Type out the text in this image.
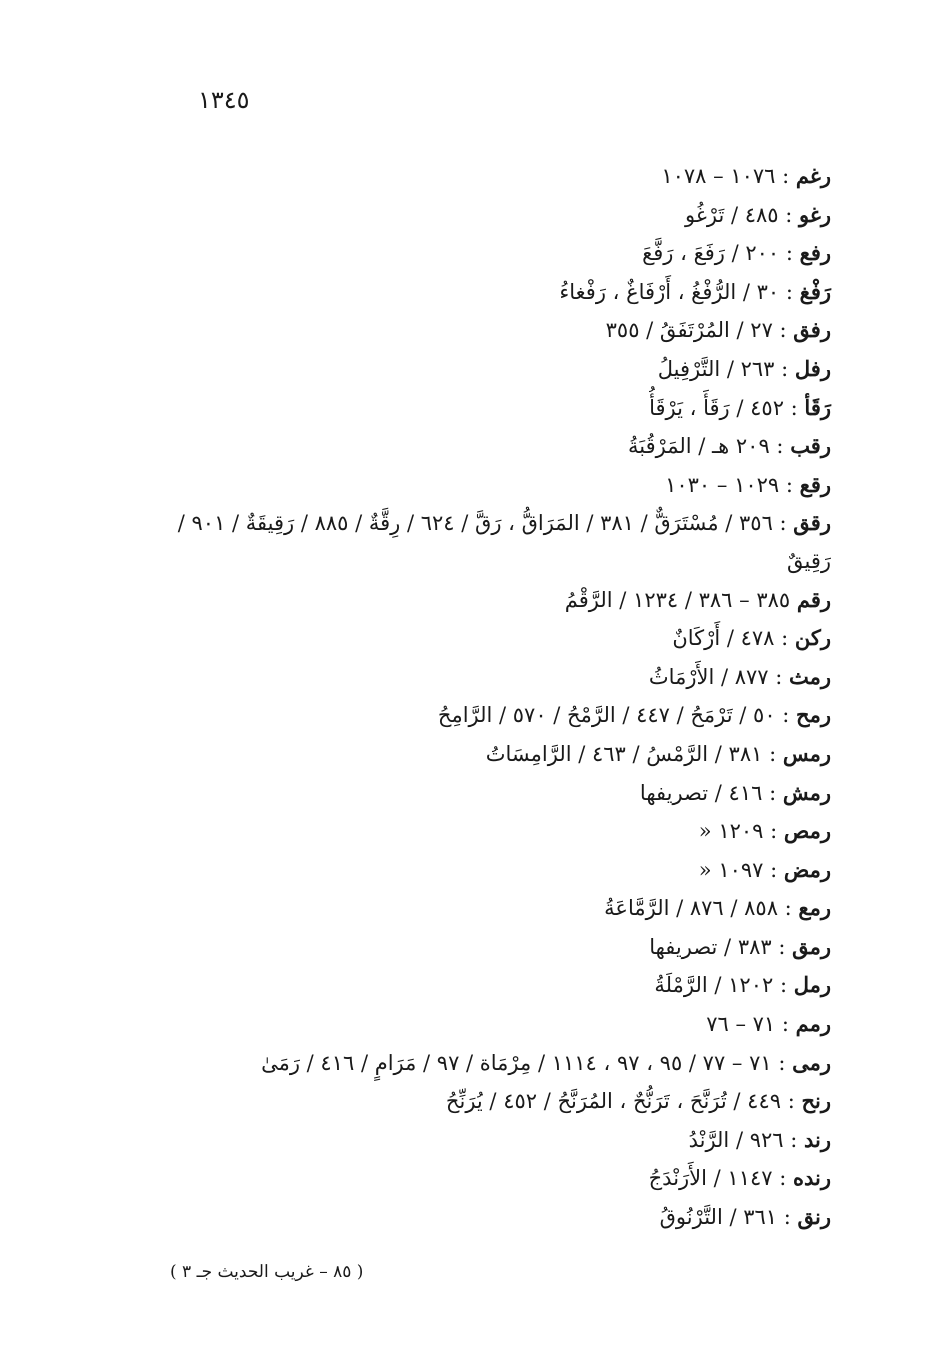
١٣٤٥

رغم : ١٠٧٦ – ١٠٧٨

رغو : ٤٨٥ / تَرْغُو

رفع : ٢٠٠ / رَفَعَ ، رَفَّعَ

رَفْغ : ٣٠ / الرُّفْغُ ، أَرْفَاغٌ ، رَفْغاءُ

رفق : ٢٧ / المُرْتَفَقُ / ٣٥٥

رفل : ٢٦٣ / التَّرْفِيلُ

رَقَأ : ٤٥٢ / رَقَأَ ، يَرْقَأُ

رقب : ٢٠٩ هـ / المَرْقُبَةُ

رقع : ١٠٢٩ – ١٠٣٠

رقق : ٣٥٦ / مُسْتَرَقٌّ / ٣٨١ / المَرَاقُّ ، رَقَّ / ٦٢٤ / رِقَّةٌ / ٨٨٥ / رَقِيقَةٌ / ٩٠١ / رَقِيقٌ

رقم ٣٨٥ – ٣٨٦ / ١٢٣٤ / الرَّقْمُ

ركن : ٤٧٨ / أَرْكَانٌ

رمث : ٨٧٧ / الأَرْمَاثُ

رمح : ٥٠ / تَرْمَحُ / ٤٤٧ / الرَّمْحُ / ٥٧٠ / الرَّامِحُ

رمس : ٣٨١ / الرَّمْسُ / ٤٦٣ / الرَّامِسَاتُ

رمش : ٤١٦ / تصريفها

رمص : ١٢٠٩ «

رمض : ١٠٩٧ «

رمع : ٨٥٨ / ٨٧٦ / الرَّمَّاعَةُ

رمق : ٣٨٣ / تصريفها

رمل : ١٢٠٢ / الرَّمْلَةُ

رمم : ٧١ – ٧٦

رمى : ٧١ – ٧٧ / ٩٥ ، ٩٧ ، ١١١٤ / مِرْمَاة / ٩٧ / مَرَامٍ / ٤١٦ / رَمَىٰ

رنح : ٤٤٩ / تُرَنَّحَ ، تَرَنُّحٌ ، المُرَنَّحُ / ٤٥٢ / يُرَنِّحُ

رند : ٩٢٦ / الرَّنْدُ

رنده : ١١٤٧ / الأَرَنْدَجُ

رنق : ٣٦١ / التَّرْنُوقُ

( ٨٥ – غريب الحديث جـ ٣ )
